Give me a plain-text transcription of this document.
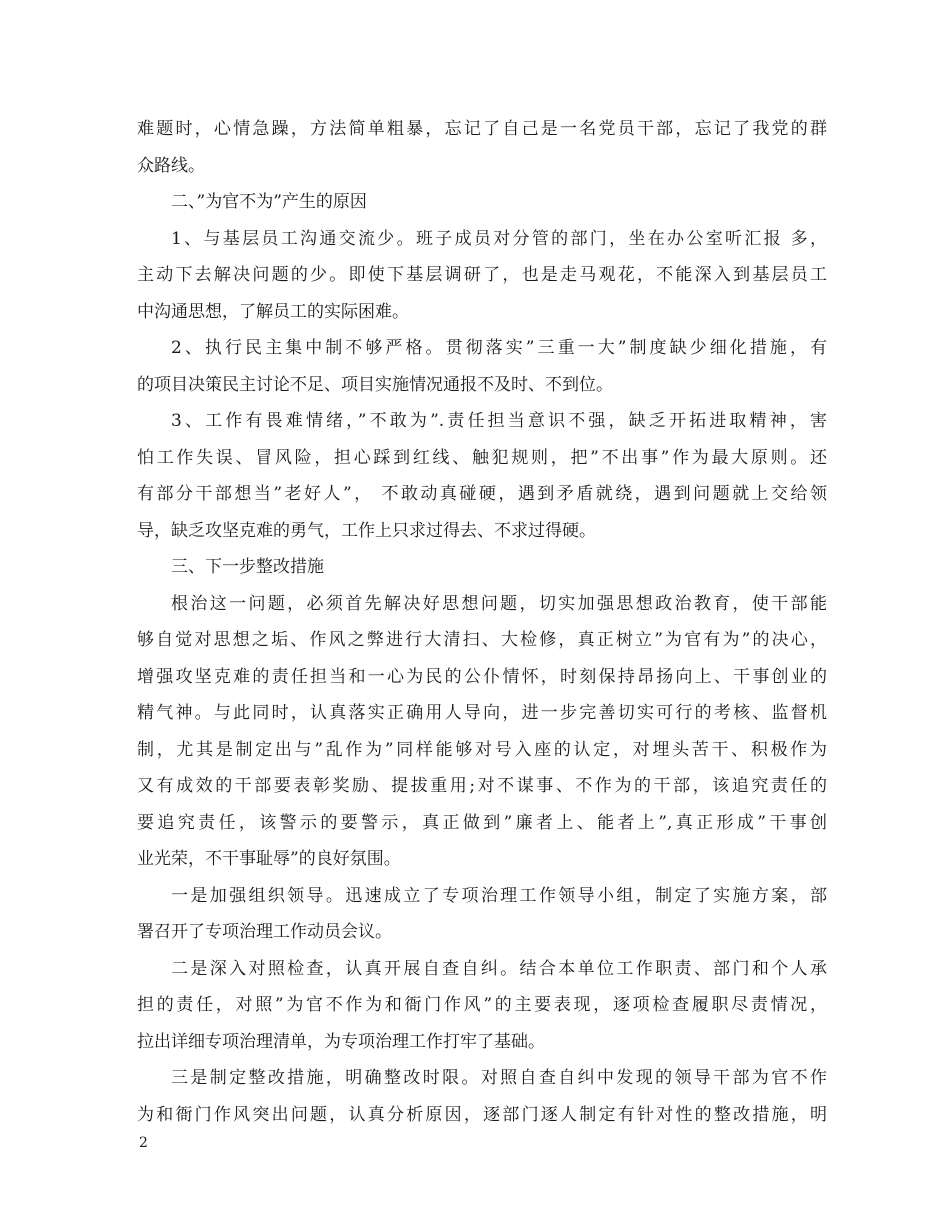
难题时，心情急躁，方法简单粗暴，忘记了自己是一名党员干部，忘记了我党的群
众路线。
二、”为官不为”产生的原因
1、与基层员工沟通交流少。班子成员对分管的部门，坐在办公室听汇报 多，
主动下去解决问题的少。即使下基层调研了，也是走马观花，不能深入到基层员工
中沟通思想，了解员工的实际困难。
2、执行民主集中制不够严格。贯彻落实”三重一大”制度缺少细化措施，有
的项目决策民主讨论不足、项目实施情况通报不及时、不到位。
3、工作有畏难情绪，”不敢为”.责任担当意识不强，缺乏开拓进取精神，害
怕工作失误、冒风险，担心踩到红线、触犯规则，把”不出事”作为最大原则。还
有部分干部想当”老好人”， 不敢动真碰硬，遇到矛盾就绕，遇到问题就上交给领
导，缺乏攻坚克难的勇气，工作上只求过得去、不求过得硬。
三、下一步整改措施
根治这一问题，必须首先解决好思想问题，切实加强思想政治教育，使干部能
够自觉对思想之垢、作风之弊进行大清扫、大检修，真正树立”为官有为”的决心，
增强攻坚克难的责任担当和一心为民的公仆情怀，时刻保持昂扬向上、干事创业的
精气神。与此同时，认真落实正确用人导向，进一步完善切实可行的考核、监督机
制，尤其是制定出与”乱作为”同样能够对号入座的认定，对埋头苦干、积极作为
又有成效的干部要表彰奖励、提拔重用;对不谋事、不作为的干部，该追究责任的
要追究责任，该警示的要警示，真正做到”廉者上、能者上”,真正形成”干事创
业光荣，不干事耻辱”的良好氛围。
一是加强组织领导。迅速成立了专项治理工作领导小组，制定了实施方案，部
署召开了专项治理工作动员会议。
二是深入对照检查，认真开展自查自纠。结合本单位工作职责、部门和个人承
担的责任，对照”为官不作为和衙门作风”的主要表现，逐项检查履职尽责情况，
拉出详细专项治理清单，为专项治理工作打牢了基础。
三是制定整改措施，明确整改时限。对照自查自纠中发现的领导干部为官不作
为和衙门作风突出问题，认真分析原因，逐部门逐人制定有针对性的整改措施，明
2
